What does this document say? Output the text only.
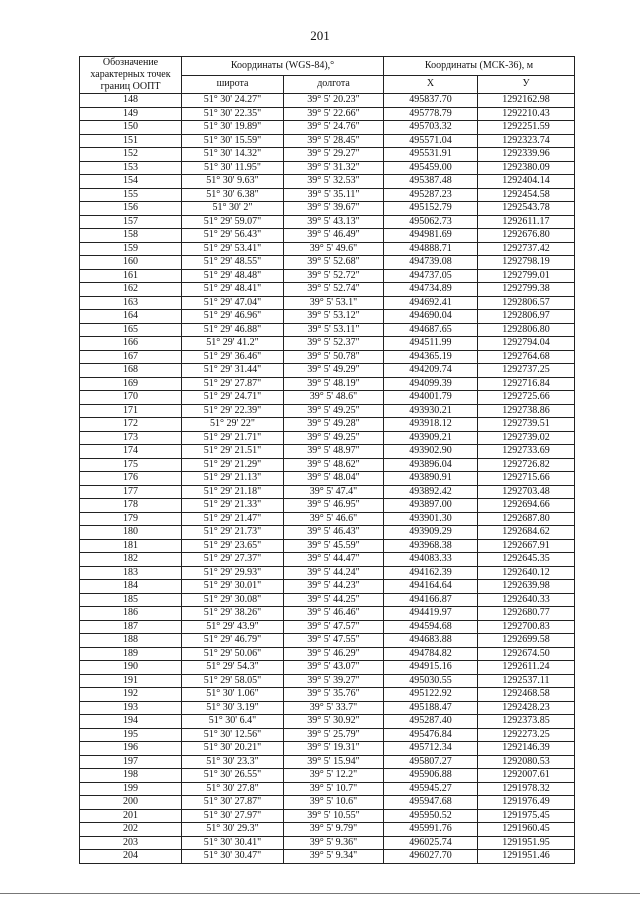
201
Обозначение характерных точек границ ООПТ	Координаты (WGS-84),°		Координаты (МСК-36), м	
	широта	долгота	X	У
148	51° 30' 24.27"	39° 5' 20.23"	495837.70	1292162.98
149	51° 30' 22.35"	39° 5' 22.66"	495778.79	1292210.43
150	51° 30' 19.89"	39° 5' 24.76"	495703.32	1292251.59
151	51° 30' 15.59"	39° 5' 28.45"	495571.04	1292323.74
152	51° 30' 14.32"	39° 5' 29.27"	495531.91	1292339.96
153	51° 30' 11.95"	39° 5' 31.32"	495459.00	1292380.09
154	51° 30' 9.63"	39° 5' 32.53"	495387.48	1292404.14
155	51° 30' 6.38"	39° 5' 35.11"	495287.23	1292454.58
156	51° 30' 2"	39° 5' 39.67"	495152.79	1292543.78
157	51° 29' 59.07"	39° 5' 43.13"	495062.73	1292611.17
158	51° 29' 56.43"	39° 5' 46.49"	494981.69	1292676.80
159	51° 29' 53.41"	39° 5' 49.6"	494888.71	1292737.42
160	51° 29' 48.55"	39° 5' 52.68"	494739.08	1292798.19
161	51° 29' 48.48"	39° 5' 52.72"	494737.05	1292799.01
162	51° 29' 48.41"	39° 5' 52.74"	494734.89	1292799.38
163	51° 29' 47.04"	39° 5' 53.1"	494692.41	1292806.57
164	51° 29' 46.96"	39° 5' 53.12"	494690.04	1292806.97
165	51° 29' 46.88"	39° 5' 53.11"	494687.65	1292806.80
166	51° 29' 41.2"	39° 5' 52.37"	494511.99	1292794.04
167	51° 29' 36.46"	39° 5' 50.78"	494365.19	1292764.68
168	51° 29' 31.44"	39° 5' 49.29"	494209.74	1292737.25
169	51° 29' 27.87"	39° 5' 48.19"	494099.39	1292716.84
170	51° 29' 24.71"	39° 5' 48.6"	494001.79	1292725.66
171	51° 29' 22.39"	39° 5' 49.25"	493930.21	1292738.86
172	51° 29' 22"	39° 5' 49.28"	493918.12	1292739.51
173	51° 29' 21.71"	39° 5' 49.25"	493909.21	1292739.02
174	51° 29' 21.51"	39° 5' 48.97"	493902.90	1292733.69
175	51° 29' 21.29"	39° 5' 48.62"	493896.04	1292726.82
176	51° 29' 21.13"	39° 5' 48.04"	493890.91	1292715.66
177	51° 29' 21.18"	39° 5' 47.4"	493892.42	1292703.48
178	51° 29' 21.33"	39° 5' 46.95"	493897.00	1292694.66
179	51° 29' 21.47"	39° 5' 46.6"	493901.30	1292687.80
180	51° 29' 21.73"	39° 5' 46.43"	493909.29	1292684.62
181	51° 29' 23.65"	39° 5' 45.59"	493968.38	1292667.91
182	51° 29' 27.37"	39° 5' 44.47"	494083.33	1292645.35
183	51° 29' 29.93"	39° 5' 44.24"	494162.39	1292640.12
184	51° 29' 30.01"	39° 5' 44.23"	494164.64	1292639.98
185	51° 29' 30.08"	39° 5' 44.25"	494166.87	1292640.33
186	51° 29' 38.26"	39° 5' 46.46"	494419.97	1292680.77
187	51° 29' 43.9"	39° 5' 47.57"	494594.68	1292700.83
188	51° 29' 46.79"	39° 5' 47.55"	494683.88	1292699.58
189	51° 29' 50.06"	39° 5' 46.29"	494784.82	1292674.50
190	51° 29' 54.3"	39° 5' 43.07"	494915.16	1292611.24
191	51° 29' 58.05"	39° 5' 39.27"	495030.55	1292537.11
192	51° 30' 1.06"	39° 5' 35.76"	495122.92	1292468.58
193	51° 30' 3.19"	39° 5' 33.7"	495188.47	1292428.23
194	51° 30' 6.4"	39° 5' 30.92"	495287.40	1292373.85
195	51° 30' 12.56"	39° 5' 25.79"	495476.84	1292273.25
196	51° 30' 20.21"	39° 5' 19.31"	495712.34	1292146.39
197	51° 30' 23.3"	39° 5' 15.94"	495807.27	1292080.53
198	51° 30' 26.55"	39° 5' 12.2"	495906.88	1292007.61
199	51° 30' 27.8"	39° 5' 10.7"	495945.27	1291978.32
200	51° 30' 27.87"	39° 5' 10.6"	495947.68	1291976.49
201	51° 30' 27.97"	39° 5' 10.55"	495950.52	1291975.45
202	51° 30' 29.3"	39° 5' 9.79"	495991.76	1291960.45
203	51° 30' 30.41"	39° 5' 9.36"	496025.74	1291951.95
204	51° 30' 30.47"	39° 5' 9.34"	496027.70	1291951.46
